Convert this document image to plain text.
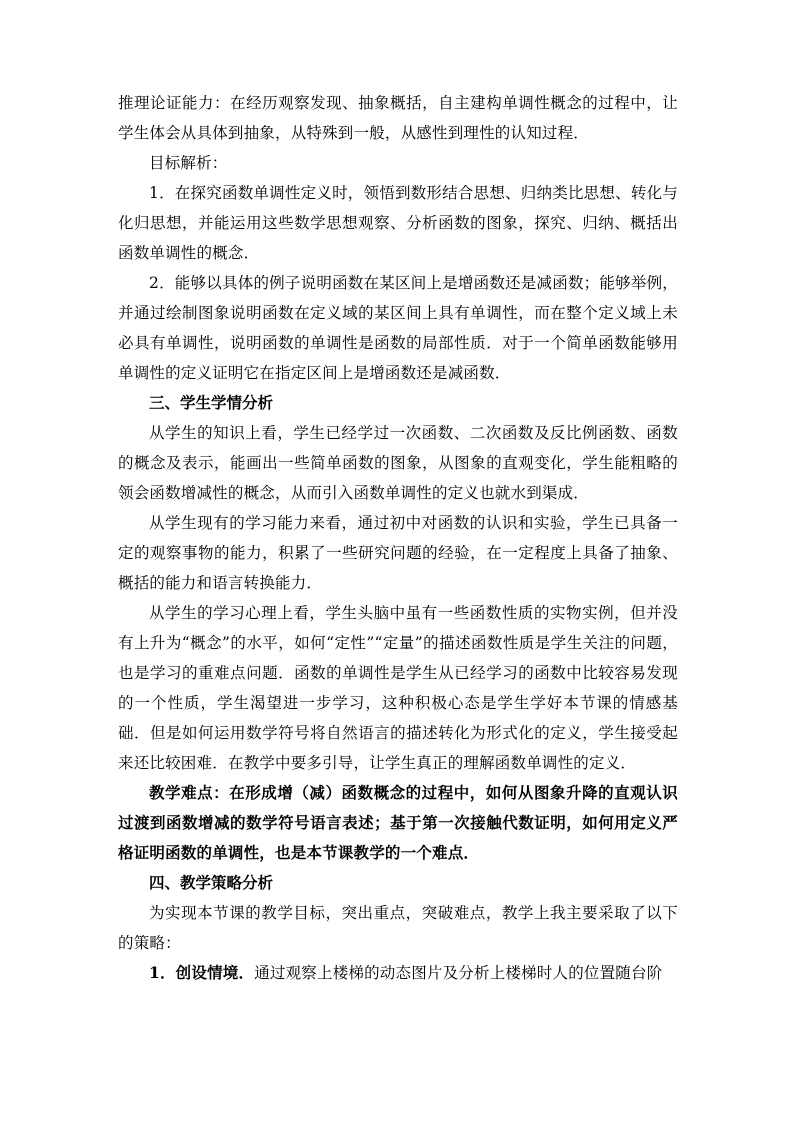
推理论证能力：在经历观察发现、抽象概括，自主建构单调性概念的过程中，让学生体会从具体到抽象，从特殊到一般，从感性到理性的认知过程．

目标解析：

1．在探究函数单调性定义时，领悟到数形结合思想、归纳类比思想、转化与化归思想，并能运用这些数学思想观察、分析函数的图象，探究、归纳、概括出函数单调性的概念．

2．能够以具体的例子说明函数在某区间上是增函数还是减函数；能够举例，并通过绘制图象说明函数在定义域的某区间上具有单调性，而在整个定义域上未必具有单调性，说明函数的单调性是函数的局部性质．对于一个简单函数能够用单调性的定义证明它在指定区间上是增函数还是减函数．

三、学生学情分析

从学生的知识上看，学生已经学过一次函数、二次函数及反比例函数、函数的概念及表示，能画出一些简单函数的图象，从图象的直观变化，学生能粗略的领会函数增减性的概念，从而引入函数单调性的定义也就水到渠成．

从学生现有的学习能力来看，通过初中对函数的认识和实验，学生已具备一定的观察事物的能力，积累了一些研究问题的经验，在一定程度上具备了抽象、概括的能力和语言转换能力．

从学生的学习心理上看，学生头脑中虽有一些函数性质的实物实例，但并没有上升为“概念”的水平，如何“定性”“定量”的描述函数性质是学生关注的问题，也是学习的重难点问题．函数的单调性是学生从已经学习的函数中比较容易发现的一个性质，学生渴望进一步学习，这种积极心态是学生学好本节课的情感基础．但是如何运用数学符号将自然语言的描述转化为形式化的定义，学生接受起来还比较困难．在教学中要多引导，让学生真正的理解函数单调性的定义．

教学难点：在形成增（减）函数概念的过程中，如何从图象升降的直观认识过渡到函数增减的数学符号语言表述；基于第一次接触代数证明，如何用定义严格证明函数的单调性，也是本节课教学的一个难点．

四、教学策略分析

为实现本节课的教学目标，突出重点，突破难点，教学上我主要采取了以下的策略：

1．创设情境．通过观察上楼梯的动态图片及分析上楼梯时人的位置随台阶
